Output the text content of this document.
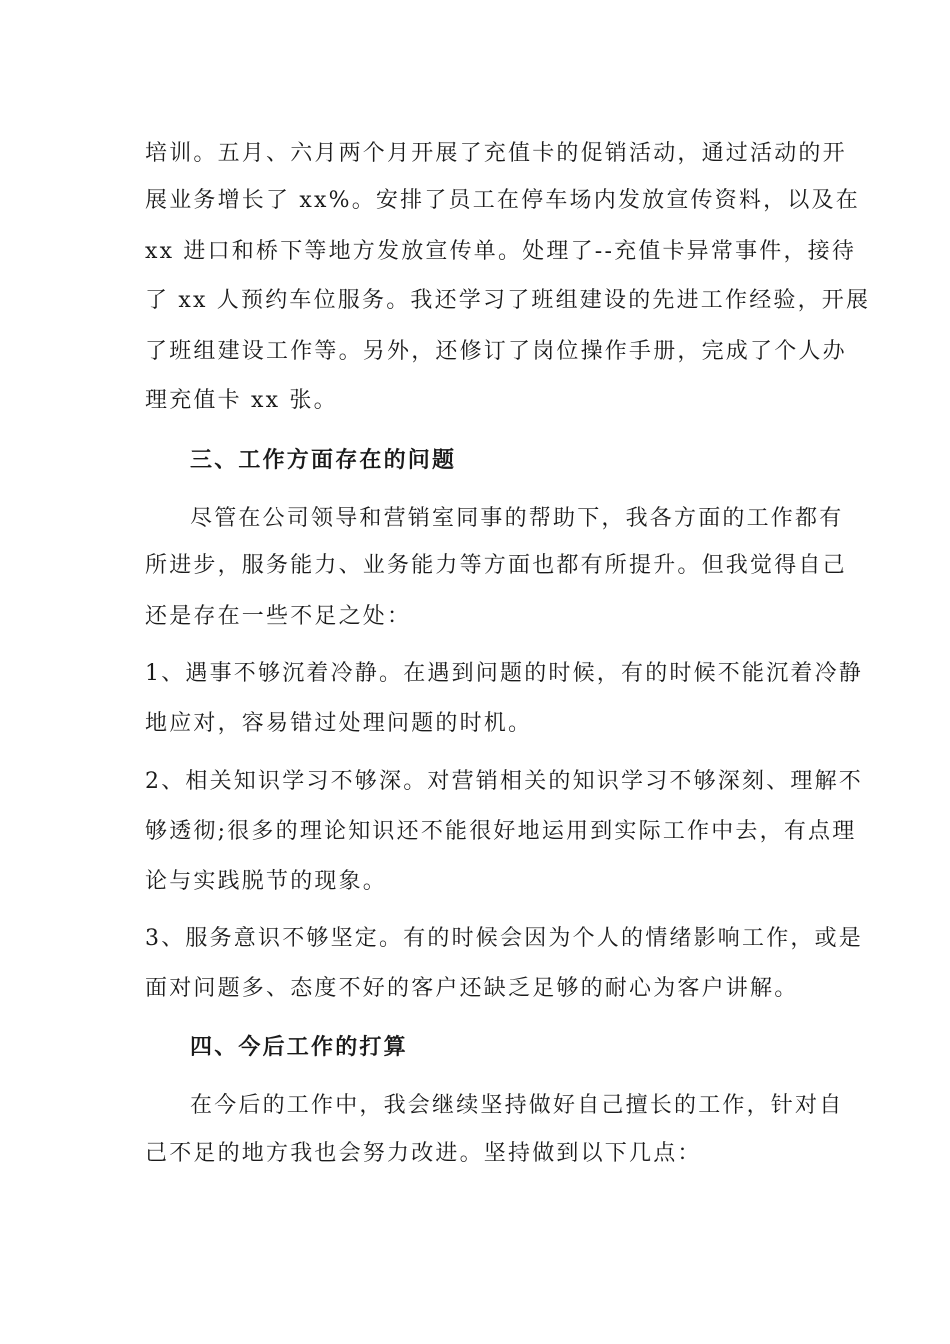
培训。五月、六月两个月开展了充值卡的促销活动，通过活动的开
展业务增长了 xx%。安排了员工在停车场内发放宣传资料，以及在
xx 进口和桥下等地方发放宣传单。处理了--充值卡异常事件，接待
了 xx 人预约车位服务。我还学习了班组建设的先进工作经验，开展
了班组建设工作等。另外，还修订了岗位操作手册，完成了个人办
理充值卡 xx 张。
三、工作方面存在的问题
尽管在公司领导和营销室同事的帮助下，我各方面的工作都有
所进步，服务能力、业务能力等方面也都有所提升。但我觉得自己
还是存在一些不足之处：
1、遇事不够沉着冷静。在遇到问题的时候，有的时候不能沉着冷静
地应对，容易错过处理问题的时机。
2、相关知识学习不够深。对营销相关的知识学习不够深刻、理解不
够透彻;很多的理论知识还不能很好地运用到实际工作中去，有点理
论与实践脱节的现象。
3、服务意识不够坚定。有的时候会因为个人的情绪影响工作，或是
面对问题多、态度不好的客户还缺乏足够的耐心为客户讲解。
四、今后工作的打算
在今后的工作中，我会继续坚持做好自己擅长的工作，针对自
己不足的地方我也会努力改进。坚持做到以下几点：
